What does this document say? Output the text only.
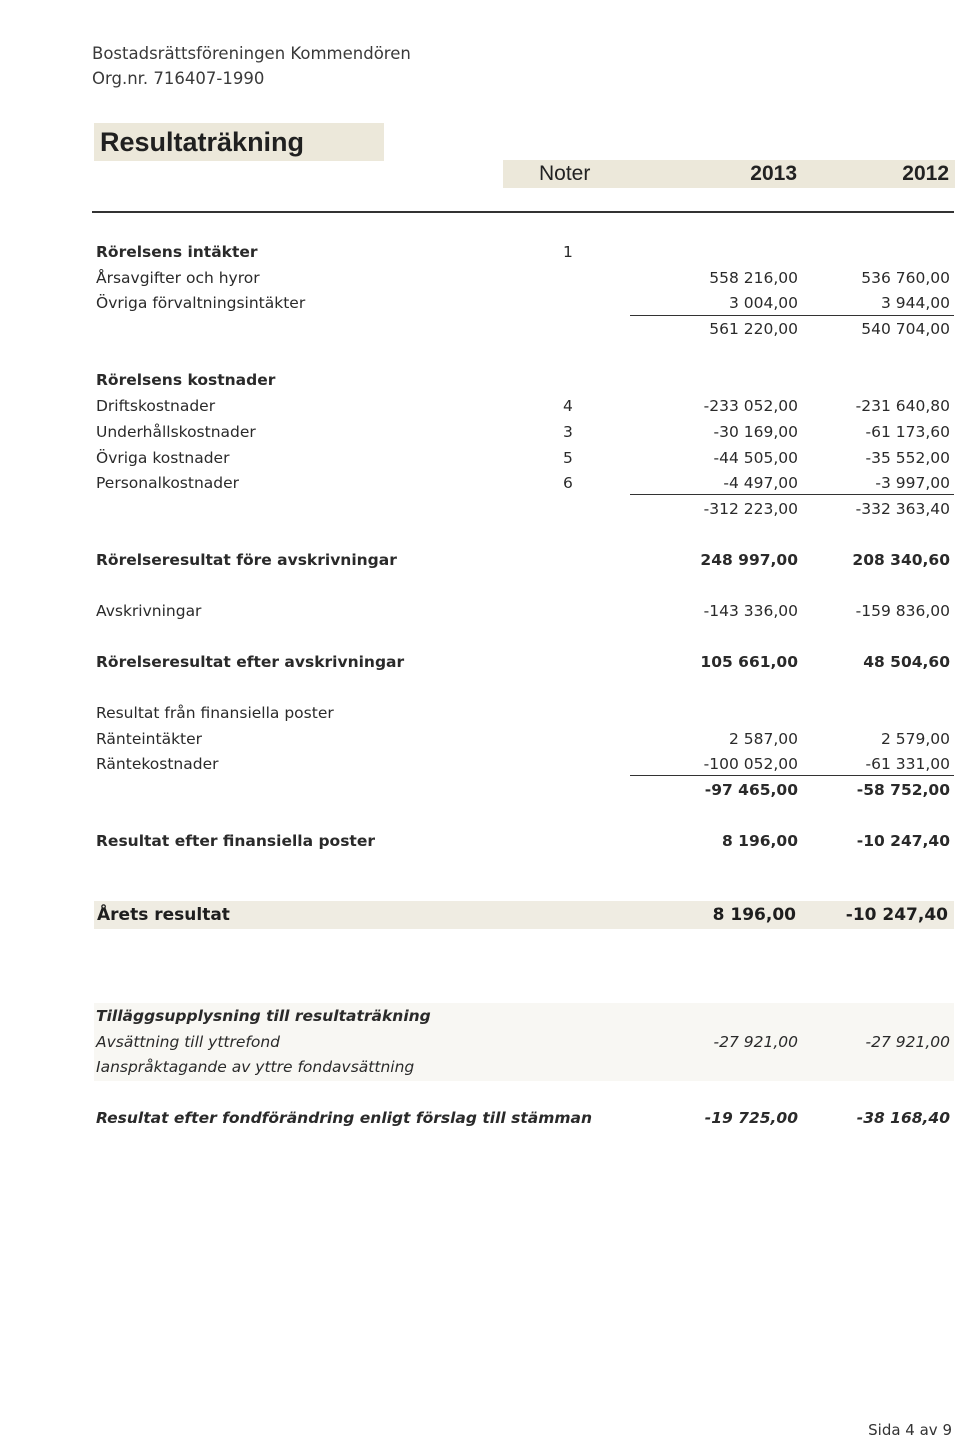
Bostadsrättsföreningen Kommendören
Org.nr. 716407-1990
Resultaträkning
Noter	2013	2012
Rörelsens intäkter	1
Årsavgifter och hyror	558 216,00	536 760,00
Övriga förvaltningsintäkter	3 004,00	3 944,00
561 220,00	540 704,00
Rörelsens kostnader
Driftskostnader	4	-233 052,00	-231 640,80
Underhållskostnader	3	-30 169,00	-61 173,60
Övriga kostnader	5	-44 505,00	-35 552,00
Personalkostnader	6	-4 497,00	-3 997,00
-312 223,00	-332 363,40
Rörelseresultat före avskrivningar	248 997,00	208 340,60
Avskrivningar	-143 336,00	-159 836,00
Rörelseresultat efter avskrivningar	105 661,00	48 504,60
Resultat från finansiella poster
Ränteintäkter	2 587,00	2 579,00
Räntekostnader	-100 052,00	-61 331,00
-97 465,00	-58 752,00
Resultat efter finansiella poster	8 196,00	-10 247,40
Årets resultat	8 196,00	-10 247,40
Tilläggsupplysning till resultaträkning
Avsättning till yttrefond	-27 921,00	-27 921,00
Ianspråktagande av yttre fondavsättning
Resultat efter fondförändring enligt förslag till stämman	-19 725,00	-38 168,40
Sida 4 av 9
